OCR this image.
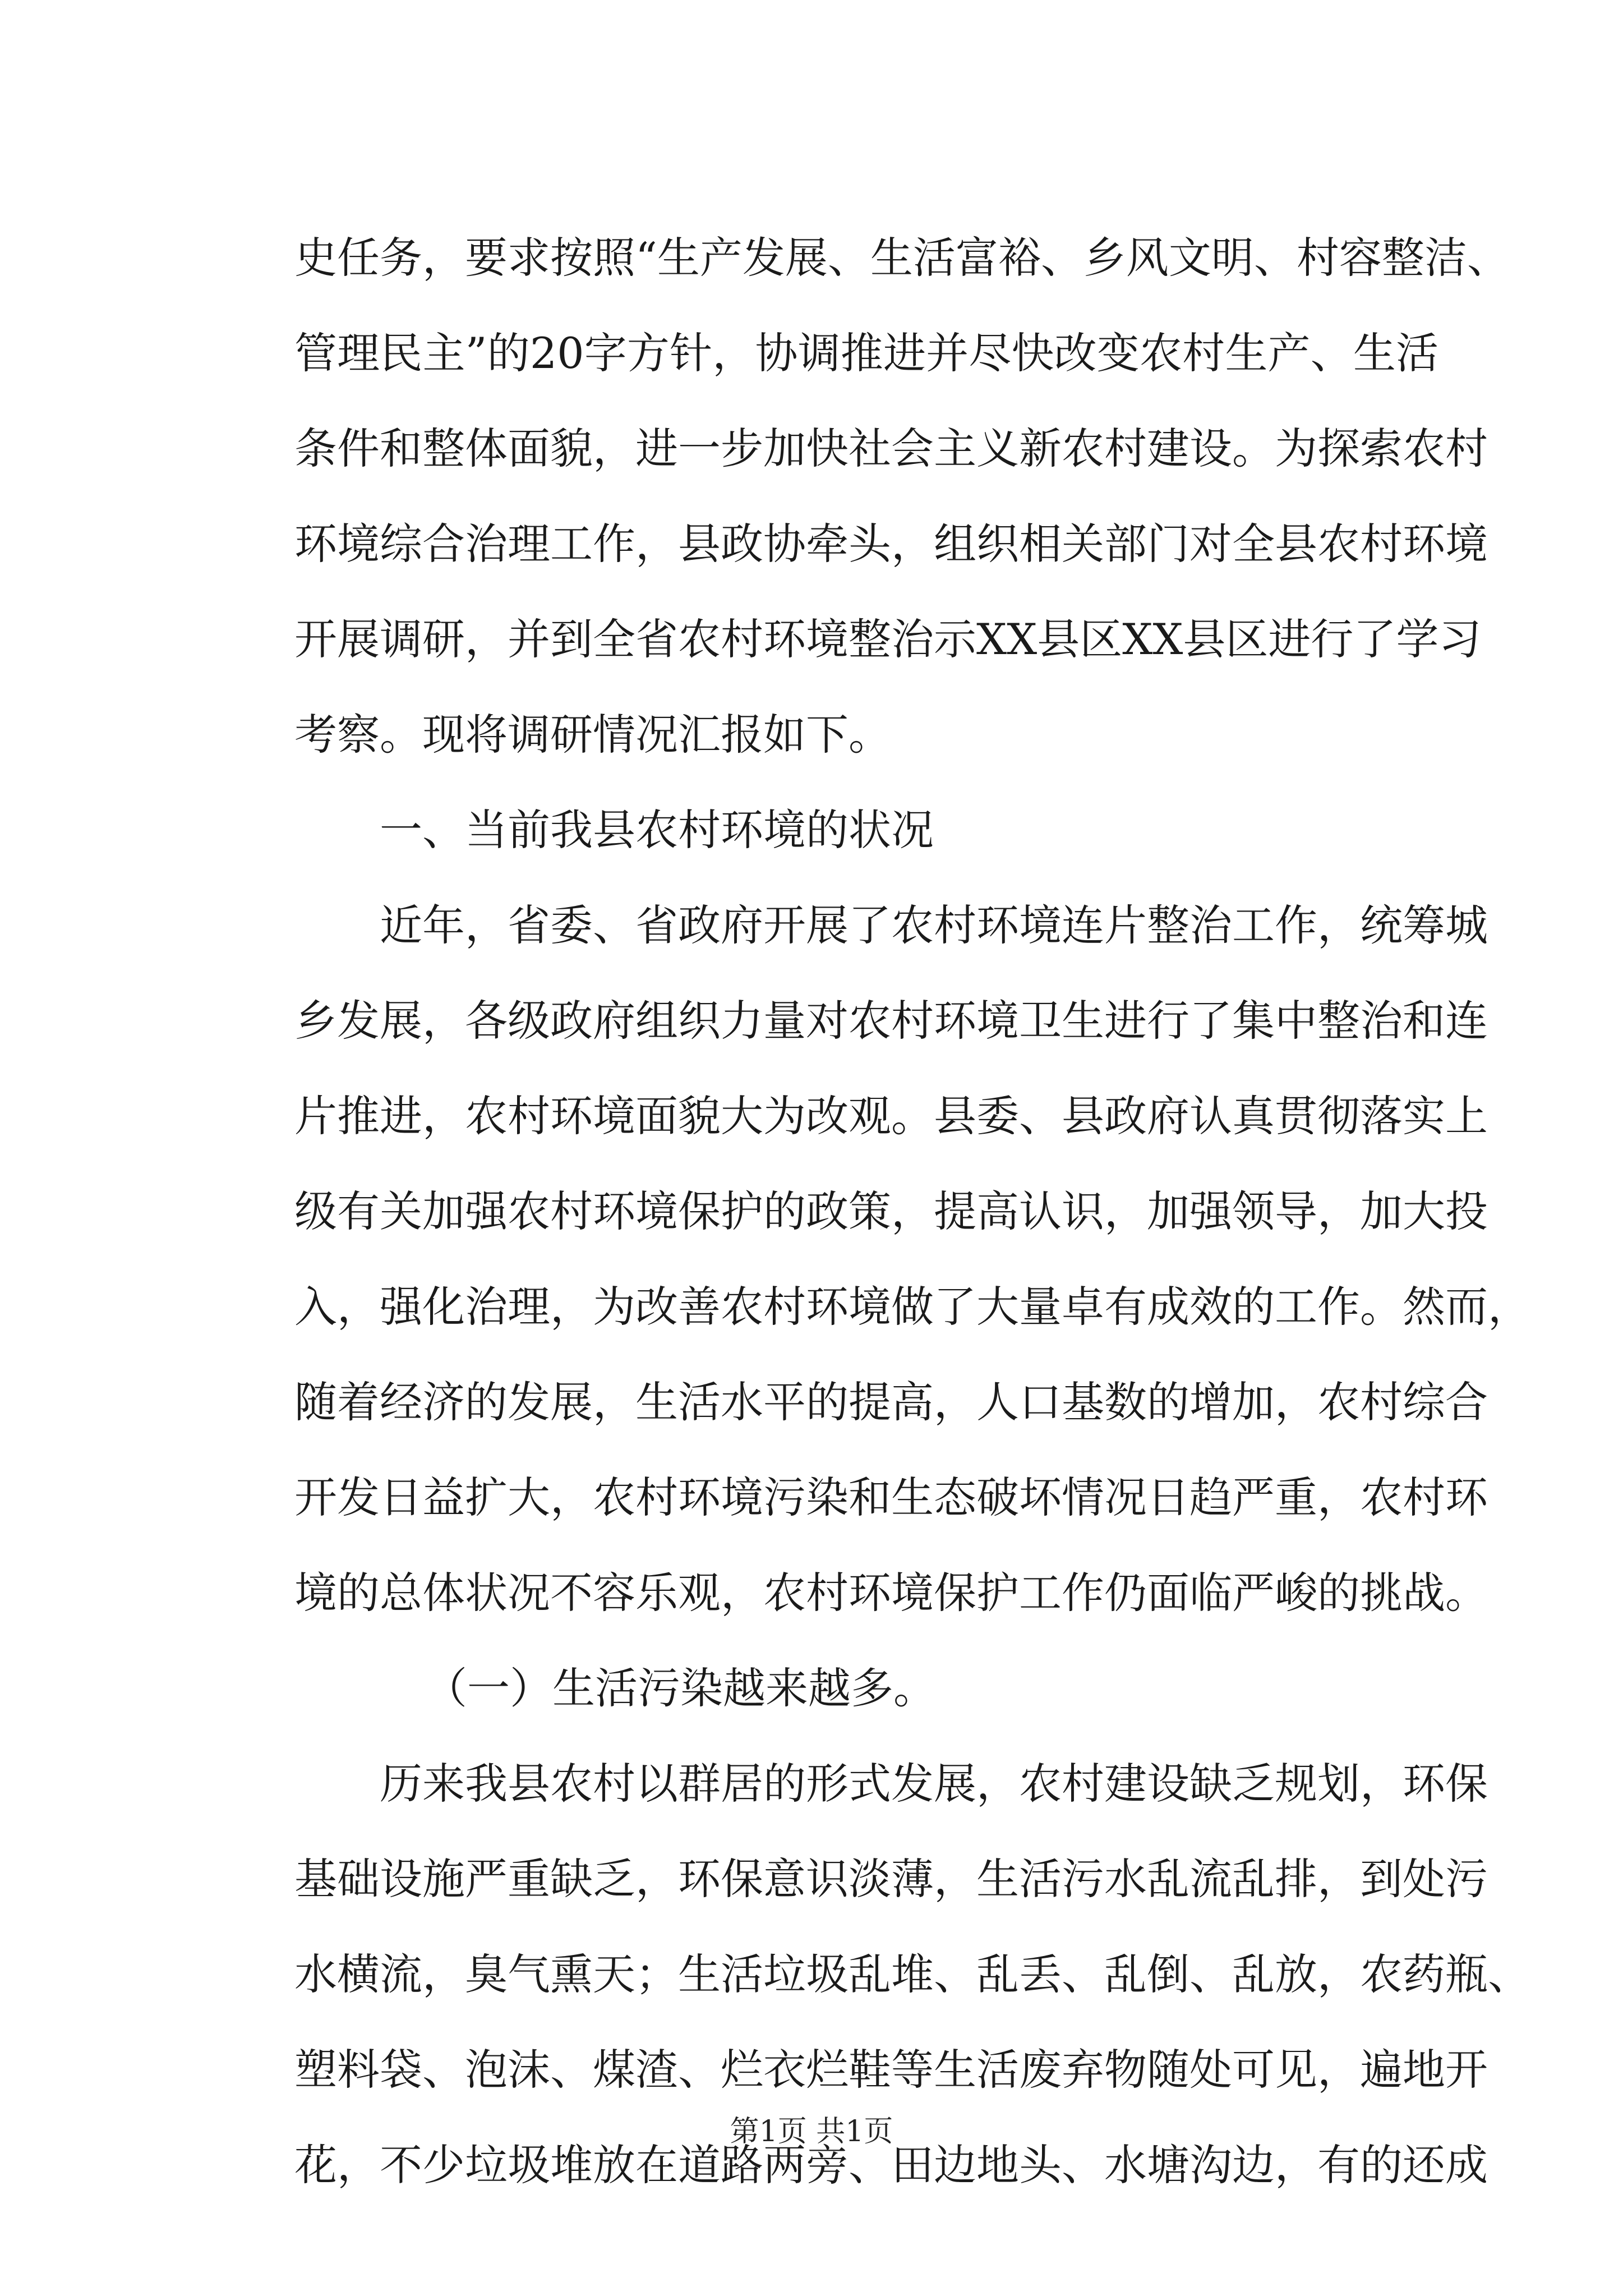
史任务，要求按照“生产发展、生活富裕、乡风文明、村容整洁、
管理民主”的20字方针，协调推进并尽快改变农村生产、生活
条件和整体面貌，进一步加快社会主义新农村建设。为探索农村
环境综合治理工作，县政协牵头，组织相关部门对全县农村环境
开展调研，并到全省农村环境整治示XX县区XX县区进行了学习
考察。现将调研情况汇报如下。
一、当前我县农村环境的状况
近年，省委、省政府开展了农村环境连片整治工作，统筹城
乡发展，各级政府组织力量对农村环境卫生进行了集中整治和连
片推进，农村环境面貌大为改观。县委、县政府认真贯彻落实上
级有关加强农村环境保护的政策，提高认识，加强领导，加大投
入，强化治理，为改善农村环境做了大量卓有成效的工作。然而，
随着经济的发展，生活水平的提高，人口基数的增加，农村综合
开发日益扩大，农村环境污染和生态破坏情况日趋严重，农村环
境的总体状况不容乐观，农村环境保护工作仍面临严峻的挑战。
（一）生活污染越来越多。
历来我县农村以群居的形式发展，农村建设缺乏规划，环保
基础设施严重缺乏，环保意识淡薄，生活污水乱流乱排，到处污
水横流，臭气熏天；生活垃圾乱堆、乱丢、乱倒、乱放，农药瓶、
塑料袋、泡沫、煤渣、烂衣烂鞋等生活废弃物随处可见，遍地开
花，不少垃圾堆放在道路两旁、田边地头、水塘沟边，有的还成
第1页 共1页
